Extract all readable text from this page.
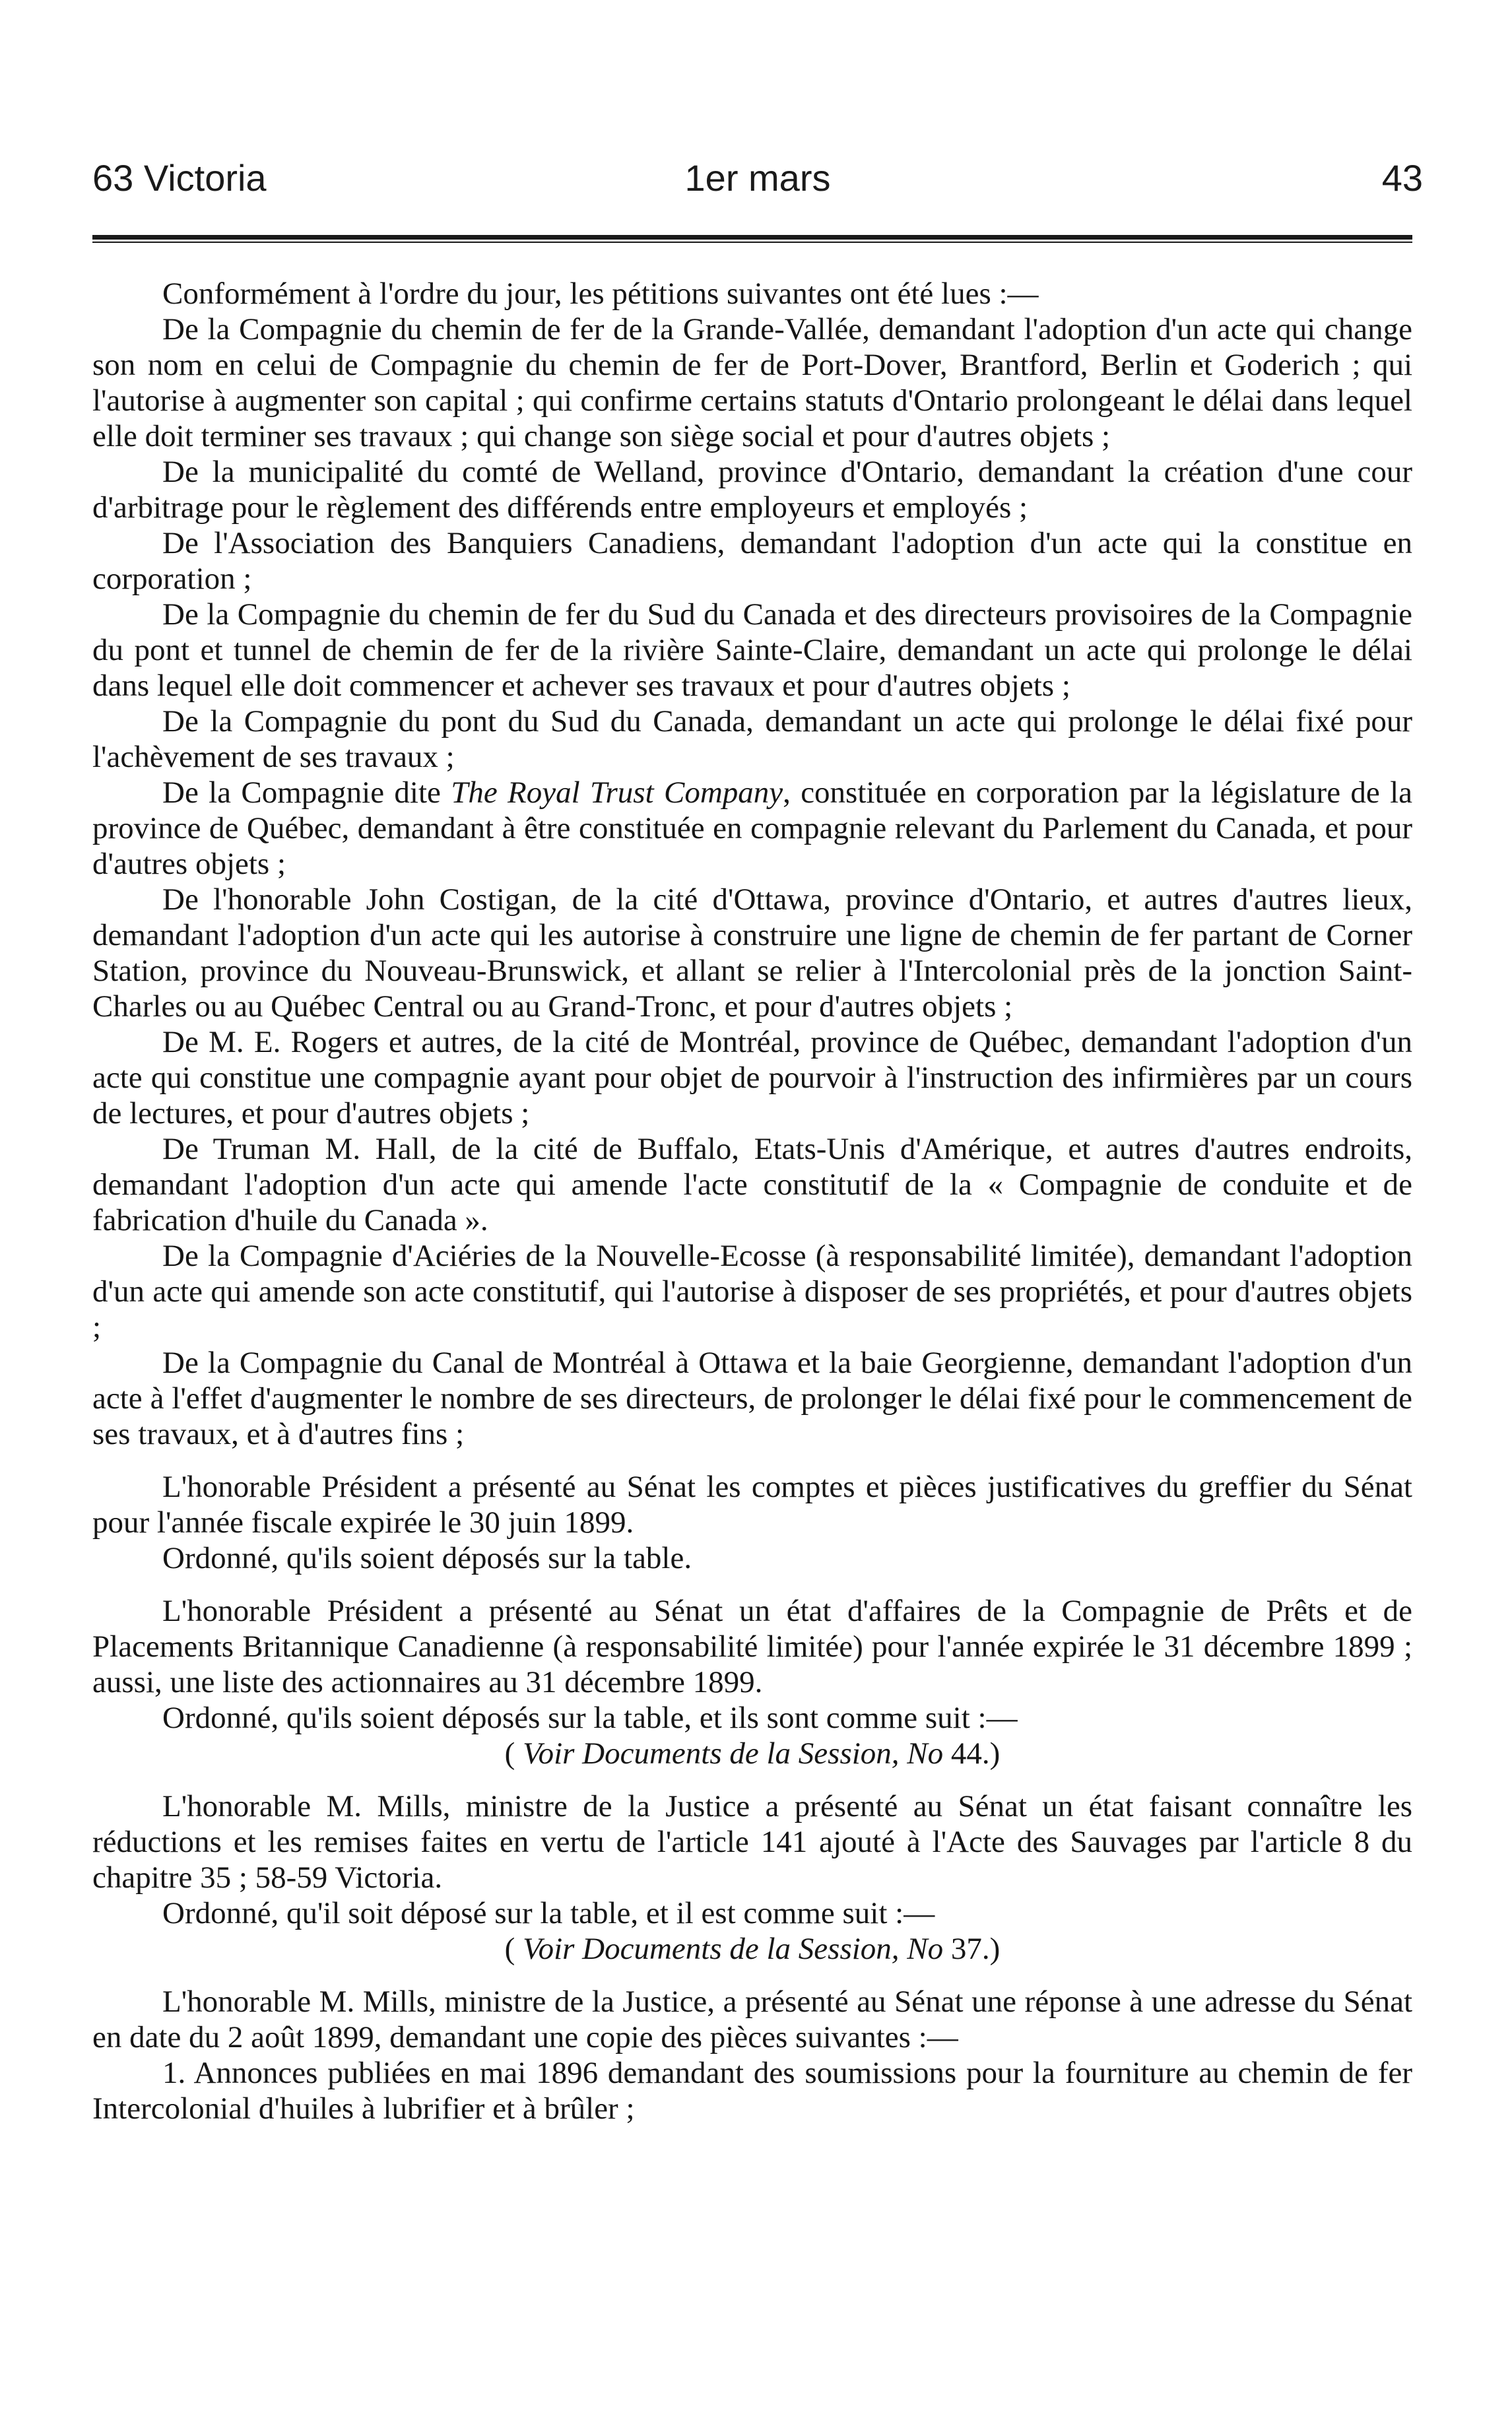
63 Victoria	1er mars	43

Conformément à l'ordre du jour, les pétitions suivantes ont été lues :—

De la Compagnie du chemin de fer de la Grande-Vallée, demandant l'adoption d'un acte qui change son nom en celui de Compagnie du chemin de fer de Port-Dover, Brantford, Berlin et Goderich ; qui l'autorise à augmenter son capital ; qui confirme certains statuts d'Ontario prolongeant le délai dans lequel elle doit terminer ses travaux ; qui change son siège social et pour d'autres objets ;

De la municipalité du comté de Welland, province d'Ontario, demandant la création d'une cour d'arbitrage pour le règlement des différends entre employeurs et employés ;

De l'Association des Banquiers Canadiens, demandant l'adoption d'un acte qui la constitue en corporation ;

De la Compagnie du chemin de fer du Sud du Canada et des directeurs provisoires de la Compagnie du pont et tunnel de chemin de fer de la rivière Sainte-Claire, demandant un acte qui prolonge le délai dans lequel elle doit commencer et achever ses travaux et pour d'autres objets ;

De la Compagnie du pont du Sud du Canada, demandant un acte qui prolonge le délai fixé pour l'achèvement de ses travaux ;

De la Compagnie dite The Royal Trust Company, constituée en corporation par la législature de la province de Québec, demandant à être constituée en compagnie relevant du Parlement du Canada, et pour d'autres objets ;

De l'honorable John Costigan, de la cité d'Ottawa, province d'Ontario, et autres d'autres lieux, demandant l'adoption d'un acte qui les autorise à construire une ligne de chemin de fer partant de Corner Station, province du Nouveau-Brunswick, et allant se relier à l'Intercolonial près de la jonction Saint-Charles ou au Québec Central ou au Grand-Tronc, et pour d'autres objets ;

De M. E. Rogers et autres, de la cité de Montréal, province de Québec, demandant l'adoption d'un acte qui constitue une compagnie ayant pour objet de pourvoir à l'instruction des infirmières par un cours de lectures, et pour d'autres objets ;

De Truman M. Hall, de la cité de Buffalo, Etats-Unis d'Amérique, et autres d'autres endroits, demandant l'adoption d'un acte qui amende l'acte constitutif de la « Compagnie de conduite et de fabrication d'huile du Canada ».

De la Compagnie d'Aciéries de la Nouvelle-Ecosse (à responsabilité limitée), demandant l'adoption d'un acte qui amende son acte constitutif, qui l'autorise à disposer de ses propriétés, et pour d'autres objets ;

De la Compagnie du Canal de Montréal à Ottawa et la baie Georgienne, demandant l'adoption d'un acte à l'effet d'augmenter le nombre de ses directeurs, de prolonger le délai fixé pour le commencement de ses travaux, et à d'autres fins ;

L'honorable Président a présenté au Sénat les comptes et pièces justificatives du greffier du Sénat pour l'année fiscale expirée le 30 juin 1899.

Ordonné, qu'ils soient déposés sur la table.

L'honorable Président a présenté au Sénat un état d'affaires de la Compagnie de Prêts et de Placements Britannique Canadienne (à responsabilité limitée) pour l'année expirée le 31 décembre 1899 ; aussi, une liste des actionnaires au 31 décembre 1899.

Ordonné, qu'ils soient déposés sur la table, et ils sont comme suit :—

( Voir Documents de la Session, No 44.)

L'honorable M. Mills, ministre de la Justice a présenté au Sénat un état faisant connaître les réductions et les remises faites en vertu de l'article 141 ajouté à l'Acte des Sauvages par l'article 8 du chapitre 35 ; 58-59 Victoria.

Ordonné, qu'il soit déposé sur la table, et il est comme suit :—

( Voir Documents de la Session, No 37.)

L'honorable M. Mills, ministre de la Justice, a présenté au Sénat une réponse à une adresse du Sénat en date du 2 août 1899, demandant une copie des pièces suivantes :—

1. Annonces publiées en mai 1896 demandant des soumissions pour la fourniture au chemin de fer Intercolonial d'huiles à lubrifier et à brûler ;
